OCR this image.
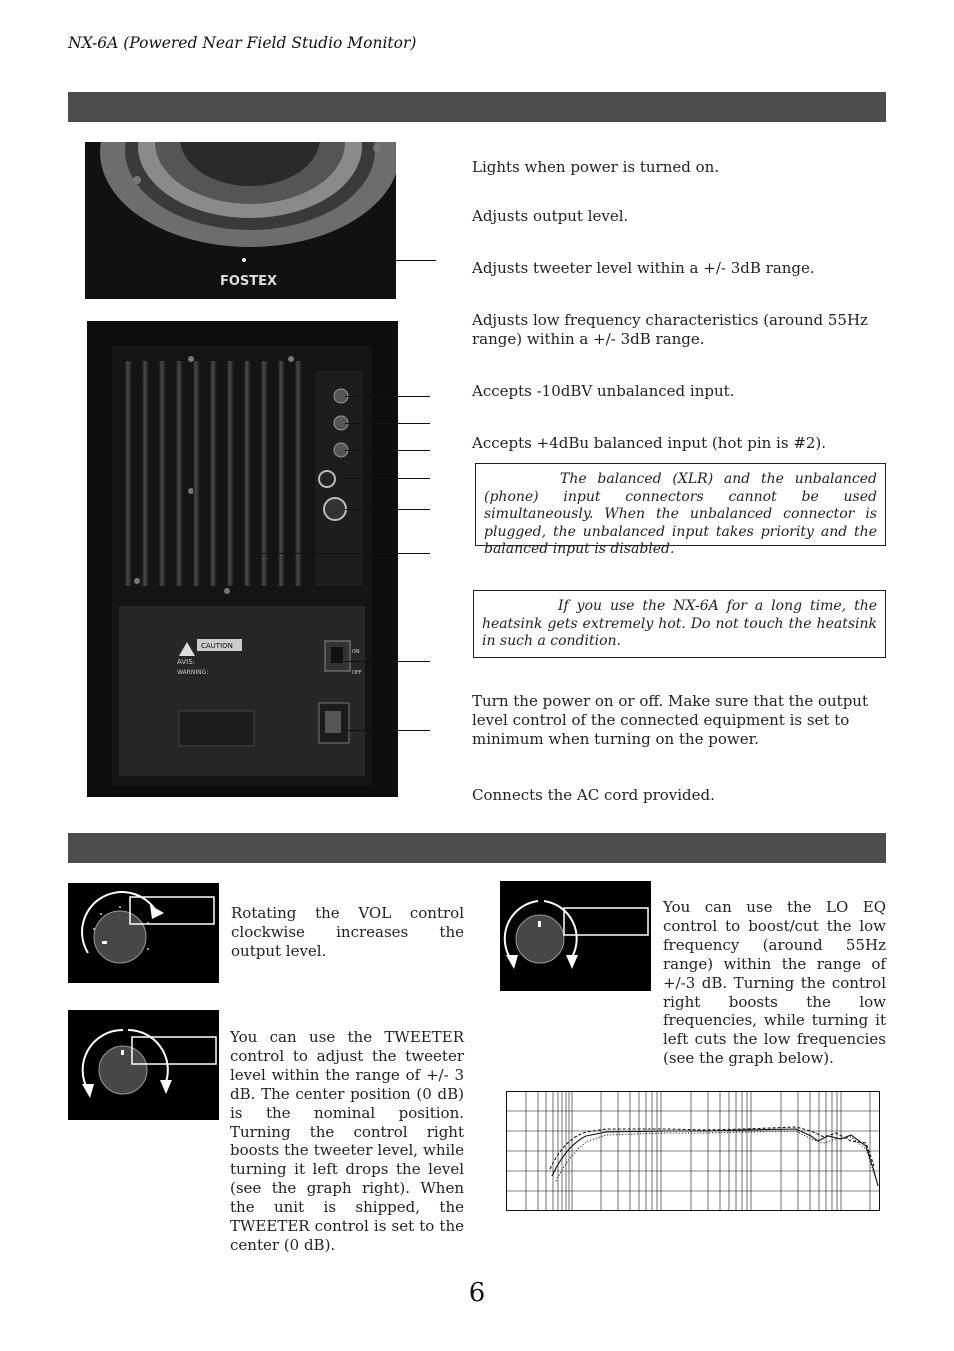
NX-6A (Powered Near Field Studio Monitor)
FOSTEX
CAUTION
AVIS:
WARNING:
ON
OFF
Lights when power is turned on.
Adjusts output level.
Adjusts tweeter level within a +/- 3dB range.
Adjusts low frequency characteristics (around 55Hz range) within a +/- 3dB range.
Accepts -10dBV unbalanced input.
Accepts +4dBu balanced input (hot pin is #2).
The balanced (XLR) and the unbalanced (phone) input connectors cannot be used simultaneously. When the unbalanced connector is plugged, the unbalanced input takes priority and the balanced input is disabled.
If you use the NX-6A for a long time, the heatsink gets extremely hot. Do not touch the heatsink in such a condition.
Turn the power on or off. Make sure that the output level control of the connected equipment is set to minimum when turning on the power.
Connects the AC cord provided.
Rotating the VOL control clockwise increases the output level.
You can use the TWEETER control to adjust the tweeter level within the range of +/- 3 dB. The center position (0 dB) is the nominal position. Turning the control right boosts the tweeter level, while turning it left drops the level (see the graph right). When the unit is shipped, the TWEETER control is set to the center (0 dB).
You can use the LO EQ control to boost/cut the low frequency (around 55Hz range) within the range of +/-3 dB. Turning the control right boosts the low frequencies, while turning it left cuts the low frequencies (see the graph below).
6
